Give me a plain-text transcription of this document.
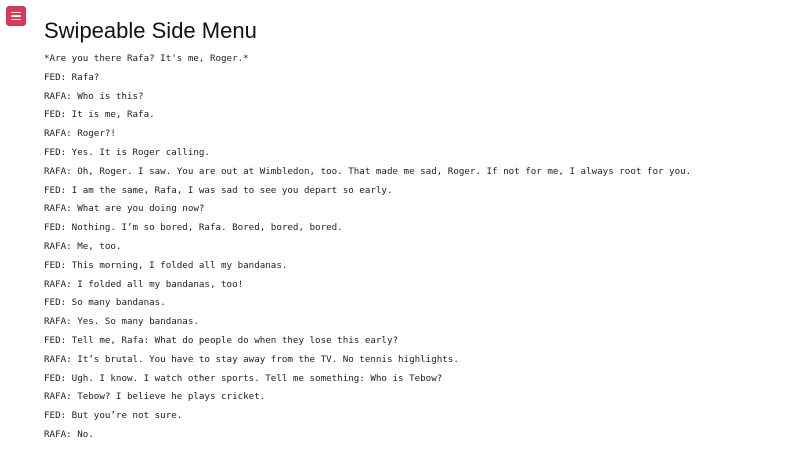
Swipeable Side Menu

*Are you there Rafa? It's me, Roger.*

FED: Rafa?

RAFA: Who is this?

FED: It is me, Rafa.

RAFA: Roger?!

FED: Yes. It is Roger calling.

RAFA: Oh, Roger. I saw. You are out at Wimbledon, too. That made me sad, Roger. If not for me, I always root for you.

FED: I am the same, Rafa, I was sad to see you depart so early.

RAFA: What are you doing now?

FED: Nothing. I’m so bored, Rafa. Bored, bored, bored.

RAFA: Me, too.

FED: This morning, I folded all my bandanas.

RAFA: I folded all my bandanas, too!

FED: So many bandanas.

RAFA: Yes. So many bandanas.

FED: Tell me, Rafa: What do people do when they lose this early?

RAFA: It’s brutal. You have to stay away from the TV. No tennis highlights.

FED: Ugh. I know. I watch other sports. Tell me something: Who is Tebow?

RAFA: Tebow? I believe he plays cricket.

FED: But you’re not sure.

RAFA: No.
